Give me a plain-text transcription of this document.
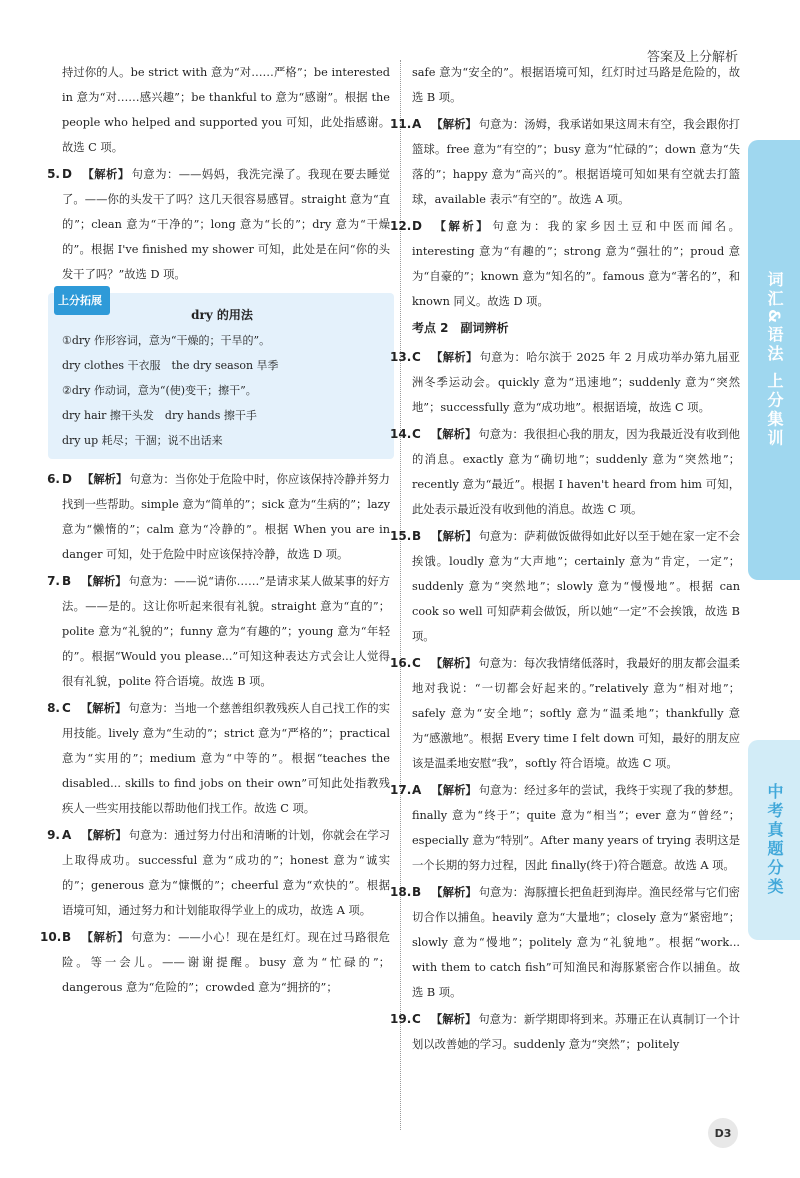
答案及上分解析
持过你的人。be strict with 意为“对……严格”；be interested in 意为“对……感兴趣”；be thankful to 意为“感谢”。根据 the people who helped and supported you 可知，此处指感谢。故选 C 项。
5. D 【解析】 句意为：——妈妈，我洗完澡了。我现在要去睡觉了。——你的头发干了吗？这几天很容易感冒。straight 意为“直的”；clean 意为“干净的”；long 意为“长的”；dry 意为“干燥的”。根据 I've finished my shower 可知，此处是在问“你的头发干了吗？”故选 D 项。
上分拓展
dry 的用法
①dry 作形容词，意为“干燥的；干旱的”。
dry clothes 干衣服　the dry season 旱季
②dry 作动词，意为“(使)变干；擦干”。
dry hair 擦干头发　dry hands 擦干手
dry up 耗尽；干涸；说不出话来
6. D 【解析】 句意为：当你处于危险中时，你应该保持冷静并努力找到一些帮助。simple 意为“简单的”；sick 意为“生病的”；lazy 意为“懒惰的”；calm 意为“冷静的”。根据 When you are in danger 可知，处于危险中时应该保持冷静，故选 D 项。
7. B 【解析】 句意为：——说“请你……”是请求某人做某事的好方法。——是的。这让你听起来很有礼貌。straight 意为“直的”；polite 意为“礼貌的”；funny 意为“有趣的”；young 意为“年轻的”。根据“Would you please...”可知这种表达方式会让人觉得很有礼貌，polite 符合语境。故选 B 项。
8. C 【解析】 句意为：当地一个慈善组织教残疾人自己找工作的实用技能。lively 意为“生动的”；strict 意为“严格的”；practical 意为“实用的”；medium 意为“中等的”。根据“teaches the disabled... skills to find jobs on their own”可知此处指教残疾人一些实用技能以帮助他们找工作。故选 C 项。
9. A 【解析】 句意为：通过努力付出和清晰的计划，你就会在学习上取得成功。successful 意为“成功的”；honest 意为“诚实的”；generous 意为“慷慨的”；cheerful 意为“欢快的”。根据语境可知，通过努力和计划能取得学业上的成功，故选 A 项。
10. B 【解析】 句意为：——小心！现在是红灯。现在过马路很危险。等一会儿。——谢谢提醒。busy 意为“忙碌的”；dangerous 意为“危险的”；crowded 意为“拥挤的”；
safe 意为“安全的”。根据语境可知，红灯时过马路是危险的，故选 B 项。
11. A 【解析】 句意为：汤姆，我承诺如果这周末有空，我会跟你打篮球。free 意为“有空的”；busy 意为“忙碌的”；down 意为“失落的”；happy 意为“高兴的”。根据语境可知如果有空就去打篮球，available 表示“有空的”。故选 A 项。
12. D 【解析】 句意为：我的家乡因土豆和中医而闻名。interesting 意为“有趣的”；strong 意为“强壮的”；proud 意为“自豪的”；known 意为“知名的”。famous 意为“著名的”，和 known 同义。故选 D 项。
考点 2　副词辨析
13. C 【解析】 句意为：哈尔滨于 2025 年 2 月成功举办第九届亚洲冬季运动会。quickly 意为“迅速地”；suddenly 意为“突然地”；successfully 意为“成功地”。根据语境，故选 C 项。
14. C 【解析】 句意为：我很担心我的朋友，因为我最近没有收到他的消息。exactly 意为“确切地”；suddenly 意为“突然地”；recently 意为“最近”。根据 I haven't heard from him 可知，此处表示最近没有收到他的消息。故选 C 项。
15. B 【解析】 句意为：萨莉做饭做得如此好以至于她在家一定不会挨饿。loudly 意为“大声地”；certainly 意为“肯定，一定”；suddenly 意为“突然地”；slowly 意为“慢慢地”。根据 can cook so well 可知萨莉会做饭，所以她“一定”不会挨饿，故选 B 项。
16. C 【解析】 句意为：每次我情绪低落时，我最好的朋友都会温柔地对我说：“一切都会好起来的。”relatively 意为“相对地”；safely 意为“安全地”；softly 意为“温柔地”；thankfully 意为“感激地”。根据 Every time I felt down 可知，最好的朋友应该是温柔地安慰“我”，softly 符合语境。故选 C 项。
17. A 【解析】 句意为：经过多年的尝试，我终于实现了我的梦想。finally 意为“终于”；quite 意为“相当”；ever 意为“曾经”；especially 意为“特别”。After many years of trying 表明这是一个长期的努力过程，因此 finally(终于)符合题意。故选 A 项。
18. B 【解析】 句意为：海豚擅长把鱼赶到海岸。渔民经常与它们密切合作以捕鱼。heavily 意为“大量地”；closely 意为“紧密地”；slowly 意为“慢地”；politely 意为“礼貌地”。根据“work... with them to catch fish”可知渔民和海豚紧密合作以捕鱼。故选 B 项。
19. C 【解析】 句意为：新学期即将到来。苏珊正在认真制订一个计划以改善她的学习。suddenly 意为“突然”；politely
词汇&语法 上分集训
中考真题分类
D3
